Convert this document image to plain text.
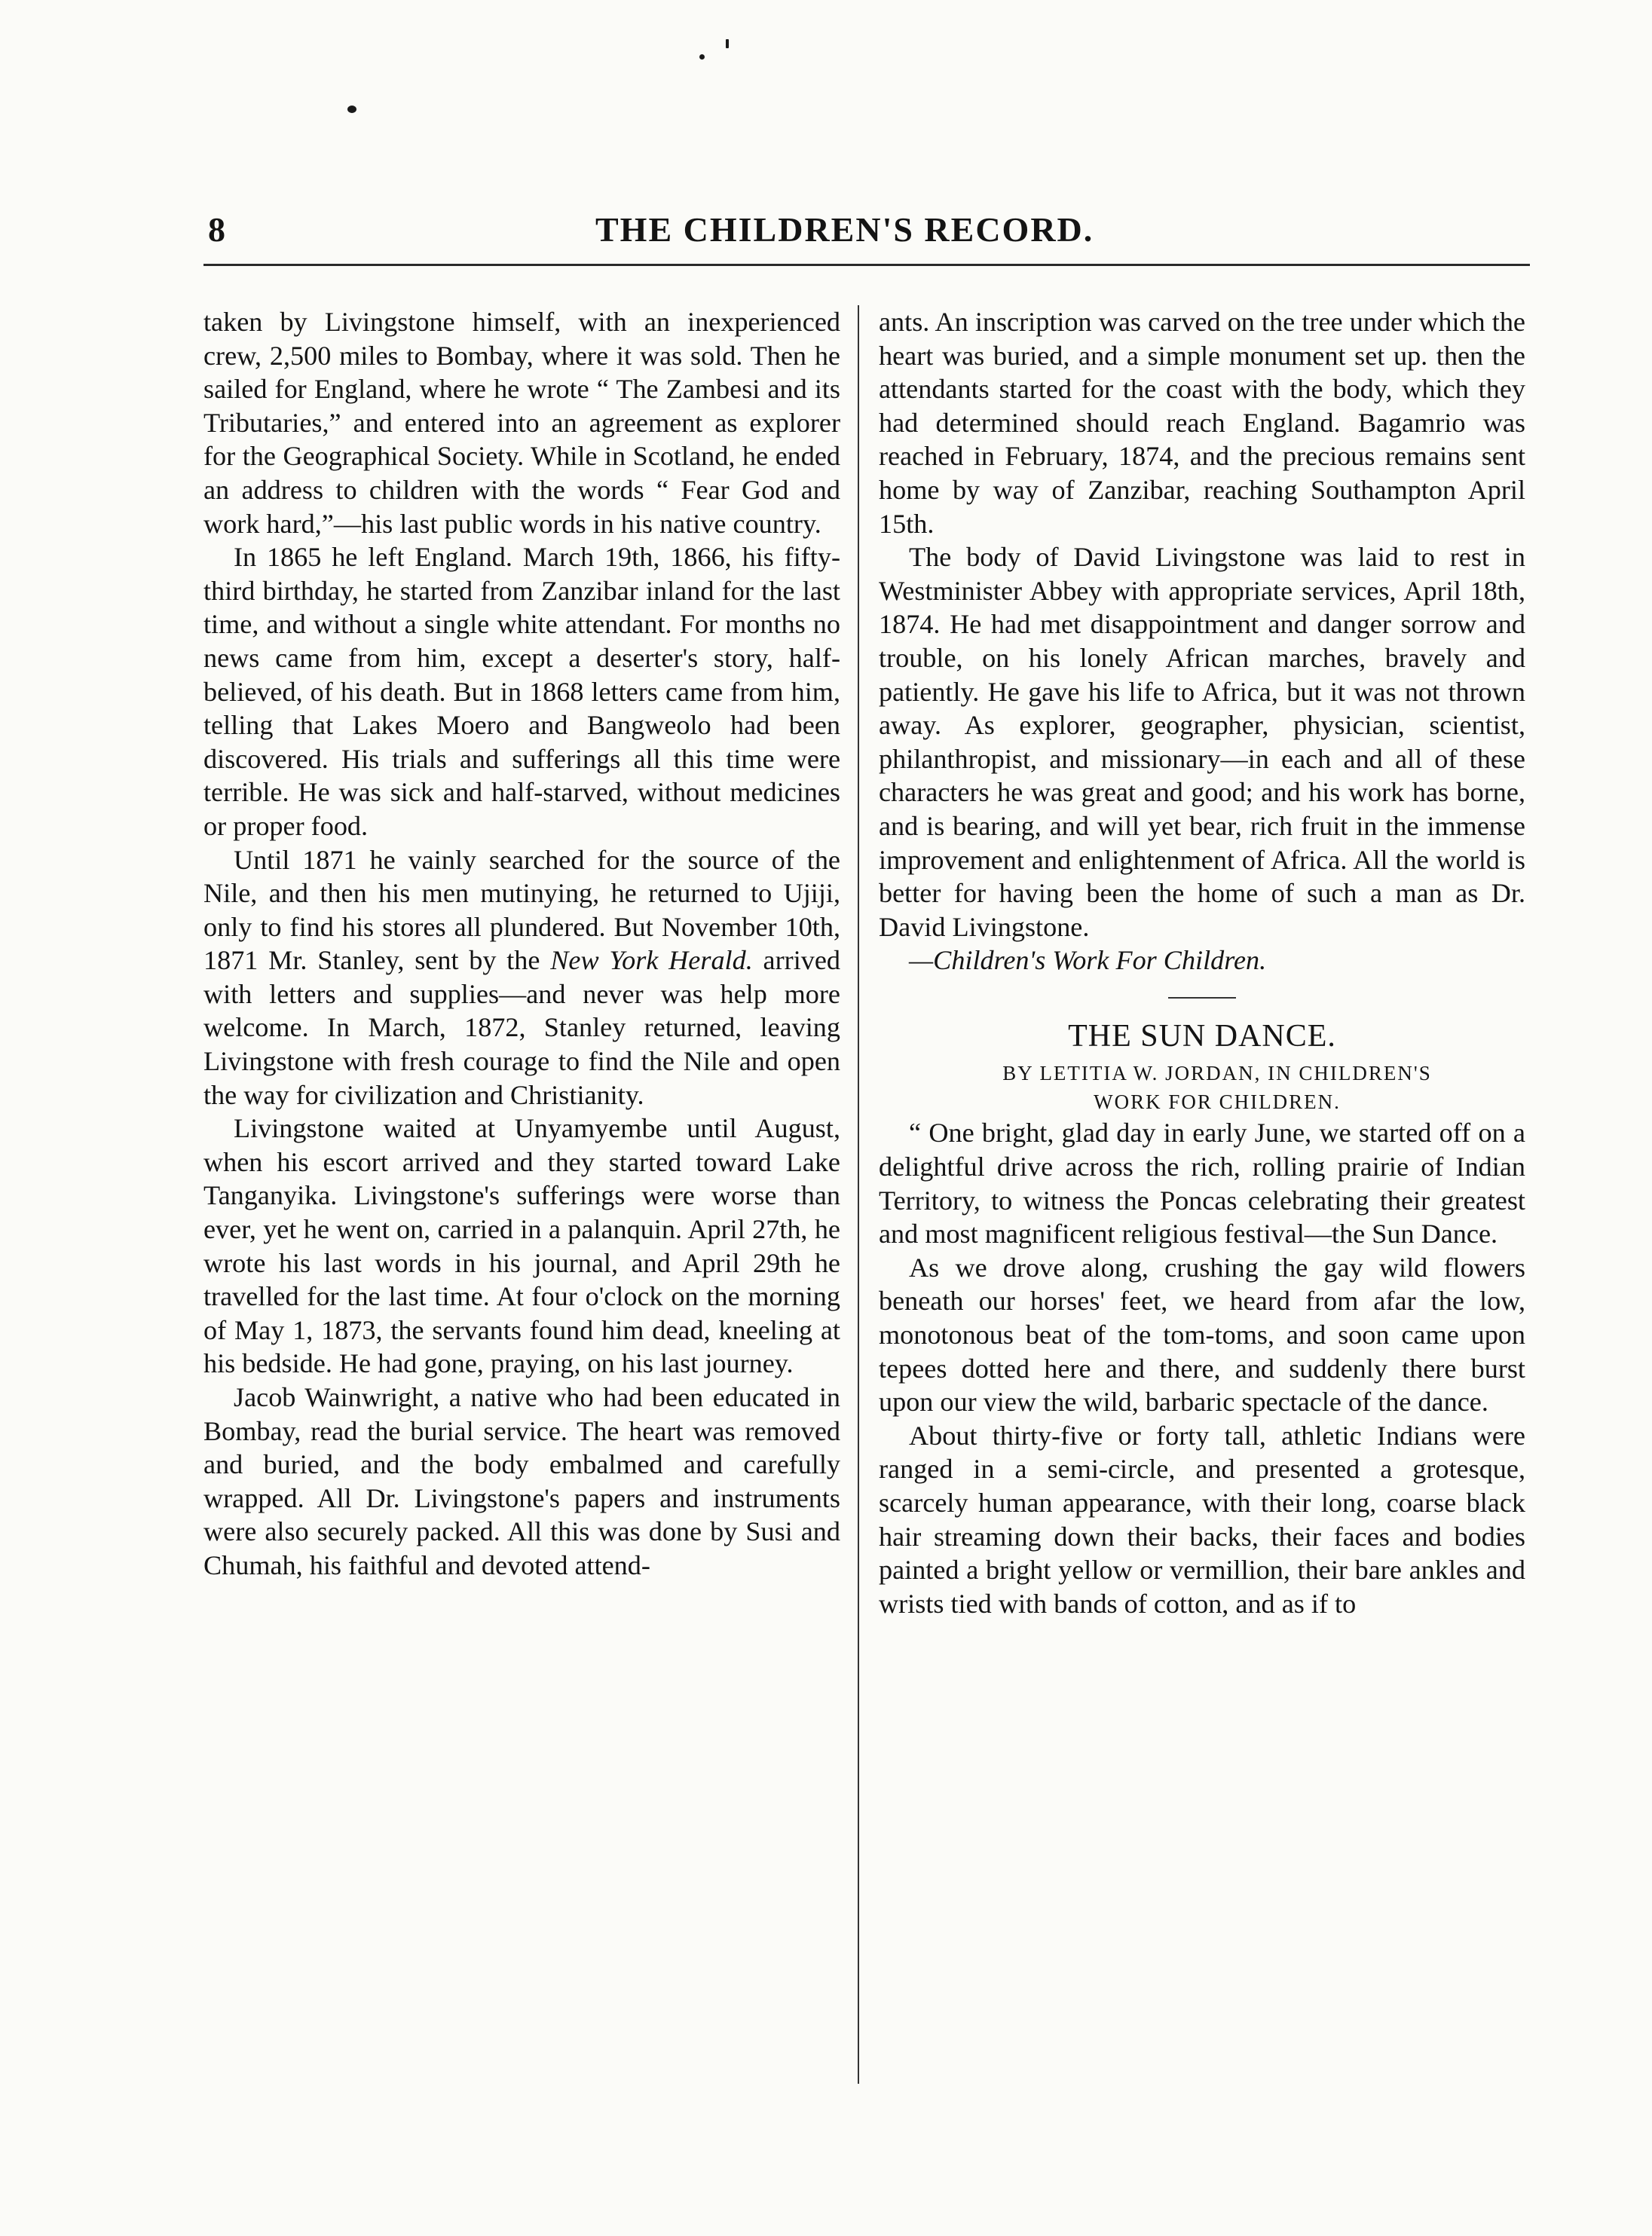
8	THE CHILDREN'S RECORD.

taken by Livingstone himself, with an inexperienced crew, 2,500 miles to Bombay, where it was sold. Then he sailed for England, where he wrote “ The Zambesi and its Tributaries,” and entered into an agreement as explorer for the Geographical Society. While in Scotland, he ended an address to children with the words “ Fear God and work hard,”—his last public words in his native country.

In 1865 he left England. March 19th, 1866, his fifty-third birthday, he started from Zanzibar inland for the last time, and without a single white attendant. For months no news came from him, except a deserter's story, half-believed, of his death. But in 1868 letters came from him, telling that Lakes Moero and Bangweolo had been discovered. His trials and sufferings all this time were terrible. He was sick and half-starved, without medicines or proper food.

Until 1871 he vainly searched for the source of the Nile, and then his men mutinying, he returned to Ujiji, only to find his stores all plundered. But November 10th, 1871 Mr. Stanley, sent by the New York Herald. arrived with letters and supplies—and never was help more welcome. In March, 1872, Stanley returned, leaving Livingstone with fresh courage to find the Nile and open the way for civilization and Christianity.

Livingstone waited at Unyamyembe until August, when his escort arrived and they started toward Lake Tanganyika. Livingstone's sufferings were worse than ever, yet he went on, carried in a palanquin. April 27th, he wrote his last words in his journal, and April 29th he travelled for the last time. At four o'clock on the morning of May 1, 1873, the servants found him dead, kneeling at his bedside. He had gone, praying, on his last journey.

Jacob Wainwright, a native who had been educated in Bombay, read the burial service. The heart was removed and buried, and the body embalmed and carefully wrapped. All Dr. Livingstone's papers and instruments were also securely packed. All this was done by Susi and Chumah, his faithful and devoted attend-

ants. An inscription was carved on the tree under which the heart was buried, and a simple monument set up. then the attendants started for the coast with the body, which they had determined should reach England. Bagamrio was reached in February, 1874, and the precious remains sent home by way of Zanzibar, reaching Southampton April 15th.

The body of David Livingstone was laid to rest in Westminister Abbey with appropriate services, April 18th, 1874. He had met disappointment and danger sorrow and trouble, on his lonely African marches, bravely and patiently. He gave his life to Africa, but it was not thrown away. As explorer, geographer, physician, scientist, philanthropist, and missionary—in each and all of these characters he was great and good; and his work has borne, and is bearing, and will yet bear, rich fruit in the immense improvement and enlightenment of Africa. All the world is better for having been the home of such a man as Dr. David Livingstone.

—Children's Work For Children.

THE SUN DANCE.

BY LETITIA W. JORDAN, IN CHILDREN'S

WORK FOR CHILDREN.

“ One bright, glad day in early June, we started off on a delightful drive across the rich, rolling prairie of Indian Territory, to witness the Poncas celebrating their greatest and most magnificent religious festival—the Sun Dance.

As we drove along, crushing the gay wild flowers beneath our horses' feet, we heard from afar the low, monotonous beat of the tom-toms, and soon came upon tepees dotted here and there, and suddenly there burst upon our view the wild, barbaric spectacle of the dance.

About thirty-five or forty tall, athletic Indians were ranged in a semi-circle, and presented a grotesque, scarcely human appearance, with their long, coarse black hair streaming down their backs, their faces and bodies painted a bright yellow or vermillion, their bare ankles and wrists tied with bands of cotton, and as if to
